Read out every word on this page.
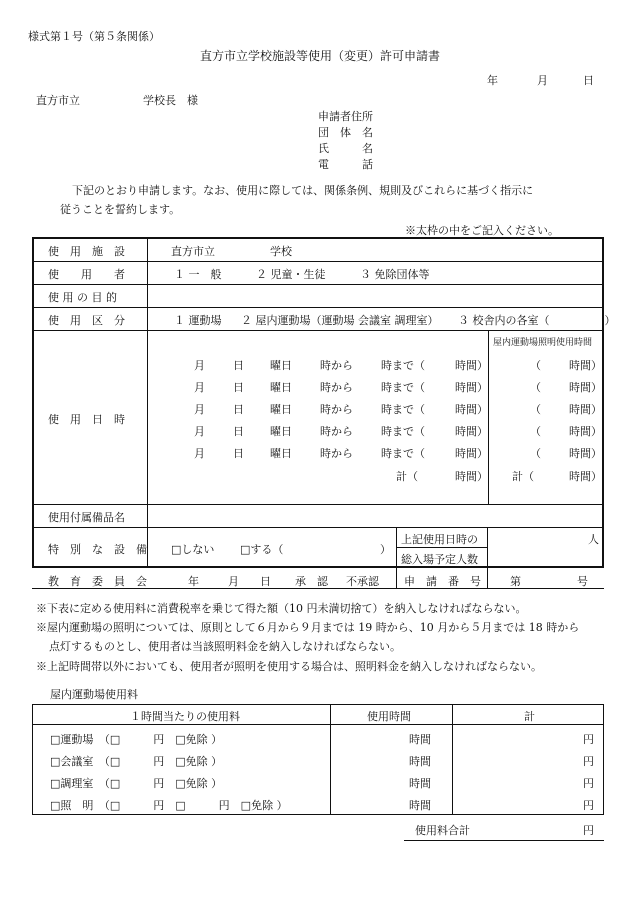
様式第１号（第５条関係）
直方市立学校施設等使用（変更）許可申請書
年	月	日
直方市立	学校長　様
申請者住所
団　体　名
氏　　　名
電　　　話
下記のとおり申請します。なお、使用に際しては、関係条例、規則及びこれらに基づく指示に
従うことを誓約します。
※太枠の中をご記入ください。
使　用　施　設	直方市立　　　　　学校
使　　用　　者	１ 一　般	２ 児童・生徒	３ 免除団体等
使 用 の 目 的
使　用　区　分	１ 運動場 ２ 屋内運動場（運動場 会議室 調理室） ３ 校舎内の各室（　　　　　）
使　用　日　時
屋内運動場照明使用時間
月	日 曜日	時から	時まで（	時間）	（	時間）
月	日 曜日	時から	時まで（	時間）	（	時間）
月	日 曜日	時から	時まで（	時間）	（	時間）
月	日 曜日	時から	時まで（	時間）	（	時間）
月	日 曜日	時から	時まで（	時間）	（	時間）
計（	時間） 計（	時間）
使用付属備品名
特　別　な　設　備 □しない □する（	）
上記使用日時の
総入場予定人数
人
教　育　委　員　会	年	月 日 承　認 不承認 申　請　番　号	第	号
※下表に定める使用料に消費税率を乗じて得た額（10 円未満切捨て）を納入しなければならない。
※屋内運動場の照明については、原則として６月から９月までは 19 時から、10 月から５月までは 18 時から
点灯するものとし、使用者は当該照明料金を納入しなければならない。
※上記時間帯以外においても、使用者が照明を使用する場合は、照明料金を納入しなければならない。
屋内運動場使用料
１時間当たりの使用料	使用時間	計
□運動場　（□　　　円　□免除 ）	時間	円
□会議室　（□　　　円　□免除 ）	時間	円
□調理室　（□　　　円　□免除 ）	時間	円
□照　明　（□　　　円　□　　　円　□免除 ）	時間	円
使用料合計	円
